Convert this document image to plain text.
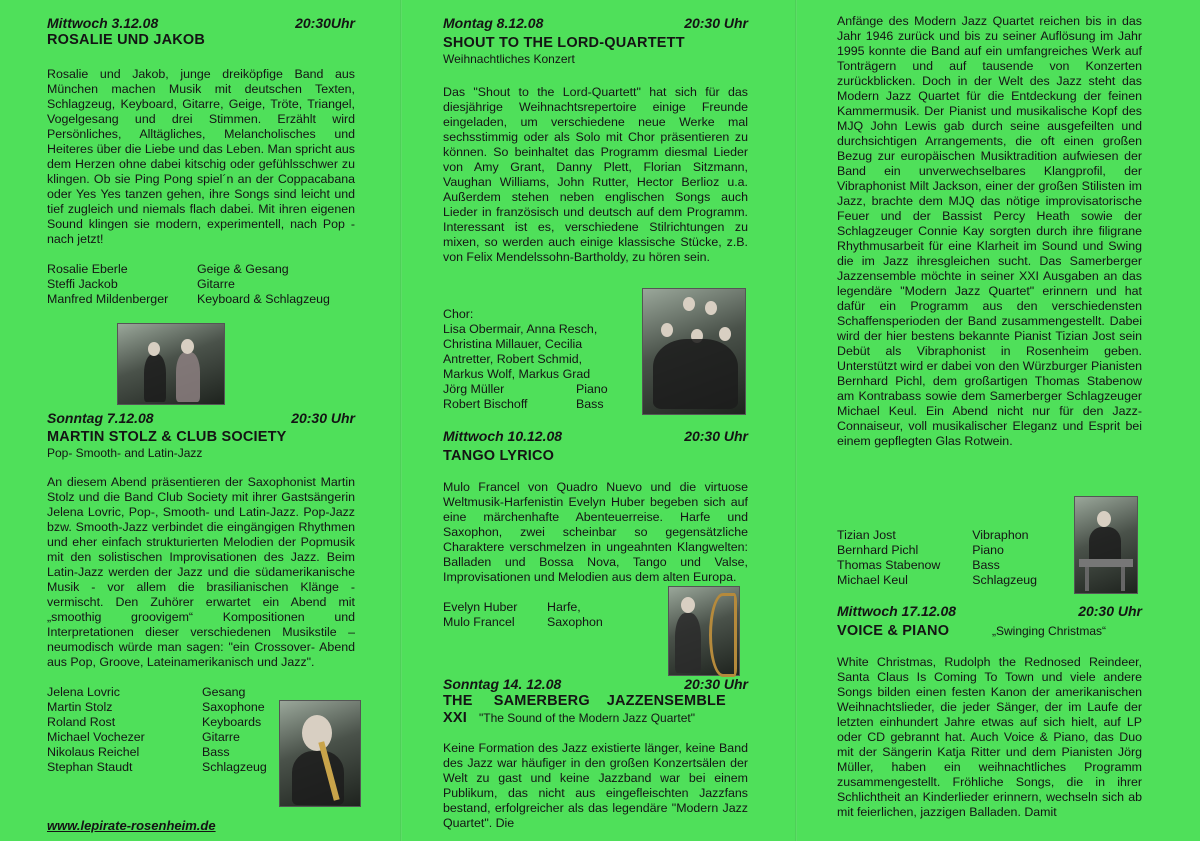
Mittwoch 3.12.08	20:30Uhr
ROSALIE UND JAKOB

Rosalie und Jakob, junge dreiköpfige Band aus München machen Musik mit deutschen Texten, Schlagzeug, Keyboard, Gitarre, Geige, Tröte, Triangel, Vogelgesang und drei Stimmen. Erzählt wird Persönliches, Alltägliches, Melancholisches und Heiteres über die Liebe und das Leben. Man spricht aus dem Herzen ohne dabei kitschig oder gefühlsschwer zu klingen. Ob sie Ping Pong spiel´n an der Coppacabana oder Yes Yes tanzen gehen, ihre Songs sind leicht und tief zugleich und niemals flach dabei. Mit ihren eigenen Sound klingen sie modern, experimentell, nach Pop - nach jetzt!

Rosalie Eberle	Geige & Gesang
Steffi Jackob	Gitarre
Manfred Mildenberger	Keyboard & Schlagzeug
Sonntag 7.12.08	20:30 Uhr
MARTIN STOLZ & CLUB SOCIETY
Pop- Smooth- and Latin-Jazz

An diesem Abend präsentieren der Saxophonist Martin Stolz und die Band Club Society mit ihrer Gastsängerin Jelena Lovric, Pop-, Smooth- und Latin-Jazz. Pop-Jazz bzw. Smooth-Jazz verbindet die eingängigen Rhythmen und eher einfach strukturierten Melodien der Popmusik mit den solistischen Improvisationen des Jazz. Beim Latin-Jazz werden der Jazz und die südamerikanische Musik - vor allem die brasilianischen Klänge - vermischt. Den Zuhörer erwartet ein Abend mit „smoothig groovigem“ Kompositionen und Interpretationen dieser verschiedenen Musikstile – neumodisch würde man sagen: "ein Crossover- Abend aus Pop, Groove, Lateinamerikanisch und Jazz".

Jelena Lovric	Gesang
Martin Stolz	Saxophone
Roland Rost	Keyboards
Michael Vochezer	Gitarre
Nikolaus Reichel	Bass
Stephan Staudt	Schlagzeug
www.lepirate-rosenheim.de
Montag 8.12.08	20:30 Uhr
SHOUT TO THE LORD-QUARTETT
Weihnachtliches Konzert

Das "Shout to the Lord-Quartett" hat sich für das diesjährige Weihnachtsrepertoire einige Freunde eingeladen, um verschiedene neue Werke mal sechsstimmig oder als Solo mit Chor präsentieren zu können. So beinhaltet das Programm diesmal Lieder von Amy Grant, Danny Plett, Florian Sitzmann, Vaughan Williams, John Rutter, Hector Berlioz u.a. Außerdem stehen neben englischen Songs auch Lieder in französisch und deutsch auf dem Programm. Interessant ist es, verschiedene Stilrichtungen zu mixen, so werden auch einige klassische Stücke, z.B. von Felix Mendelssohn-Bartholdy, zu hören sein.

Chor:
Lisa Obermair, Anna Resch,
Christina Millauer, Cecilia
Antretter, Robert Schmid,
Markus Wolf, Markus Grad
Jörg Müller	Piano
Robert Bischoff	Bass
Mittwoch 10.12.08	20:30 Uhr
TANGO LYRICO

Mulo Francel von Quadro Nuevo und die virtuose Weltmusik-Harfenistin Evelyn Huber begeben sich auf eine märchenhafte Abenteuerreise. Harfe und Saxophon, zwei scheinbar so gegensätzliche Charaktere verschmelzen in ungeahnten Klangwelten: Balladen und Bossa Nova, Tango und Valse, Improvisationen und Melodien aus dem alten Europa.

Evelyn Huber	Harfe,
Mulo Francel	Saxophon
Sonntag 14. 12.08	20:30 Uhr
THE     SAMERBERG    JAZZENSEMBLE
XXI	"The Sound of the Modern Jazz Quartet"

Keine Formation des Jazz existierte länger, keine Band des Jazz war häufiger in den großen Konzertsälen der Welt zu gast und keine Jazzband war bei einem Publikum, das nicht aus eingefleischten Jazzfans bestand, erfolgreicher als das legendäre "Modern Jazz Quartet". Die

Anfänge des Modern Jazz Quartet reichen bis in das Jahr 1946 zurück und bis zu seiner Auflösung im Jahr 1995 konnte die Band auf ein umfangreiches Werk auf Tonträgern und auf tausende von Konzerten zurückblicken. Doch in der Welt des Jazz steht das Modern Jazz Quartet für die Entdeckung der feinen Kammermusik. Der Pianist und musikalische Kopf des MJQ John Lewis gab durch seine ausgefeilten und durchsichtigen Arrangements, die oft einen großen Bezug zur europäischen Musiktradition aufwiesen der Band ein unverwechselbares Klangprofil, der Vibraphonist Milt Jackson, einer der großen Stilisten im Jazz, brachte dem MJQ das nötige improvisatorische Feuer und der Bassist Percy Heath sowie der Schlagzeuger Connie Kay sorgten durch ihre filigrane Rhythmusarbeit für eine Klarheit im Sound und Swing die im Jazz ihresgleichen sucht. Das Samerberger Jazzensemble möchte in seiner XXI Ausgaben an das legendäre "Modern Jazz Quartet" erinnern und hat dafür ein Programm aus den verschiedensten Schaffensperioden der Band zusammengestellt. Dabei wird der hier bestens bekannte Pianist Tizian Jost sein Debüt als Vibraphonist in Rosenheim geben. Unterstützt wird er dabei von den Würzburger Pianisten Bernhard Pichl, dem großartigen Thomas Stabenow am Kontrabass sowie dem Samerberger Schlagzeuger Michael Keul. Ein Abend nicht nur für den Jazz-Connaiseur, voll musikalischer Eleganz und Esprit bei einem gepflegten Glas Rotwein.

Tizian Jost	Vibraphon
Bernhard Pichl	Piano
Thomas Stabenow	Bass
Michael Keul	Schlagzeug
Mittwoch 17.12.08	20:30 Uhr
VOICE & PIANO	„Swinging Christmas“

White Christmas, Rudolph the Rednosed Reindeer, Santa Claus Is Coming To Town und viele andere Songs bilden einen festen Kanon der amerikanischen Weihnachtslieder, die jeder Sänger, der im Laufe der letzten einhundert Jahre etwas auf sich hielt, auf LP oder CD gebrannt hat. Auch Voice & Piano, das Duo mit der Sängerin Katja Ritter und dem Pianisten Jörg Müller, haben ein weihnachtliches Programm zusammengestellt. Fröhliche Songs, die in ihrer Schlichtheit an Kinderlieder erinnern, wechseln sich ab mit feierlichen, jazzigen Balladen. Damit
